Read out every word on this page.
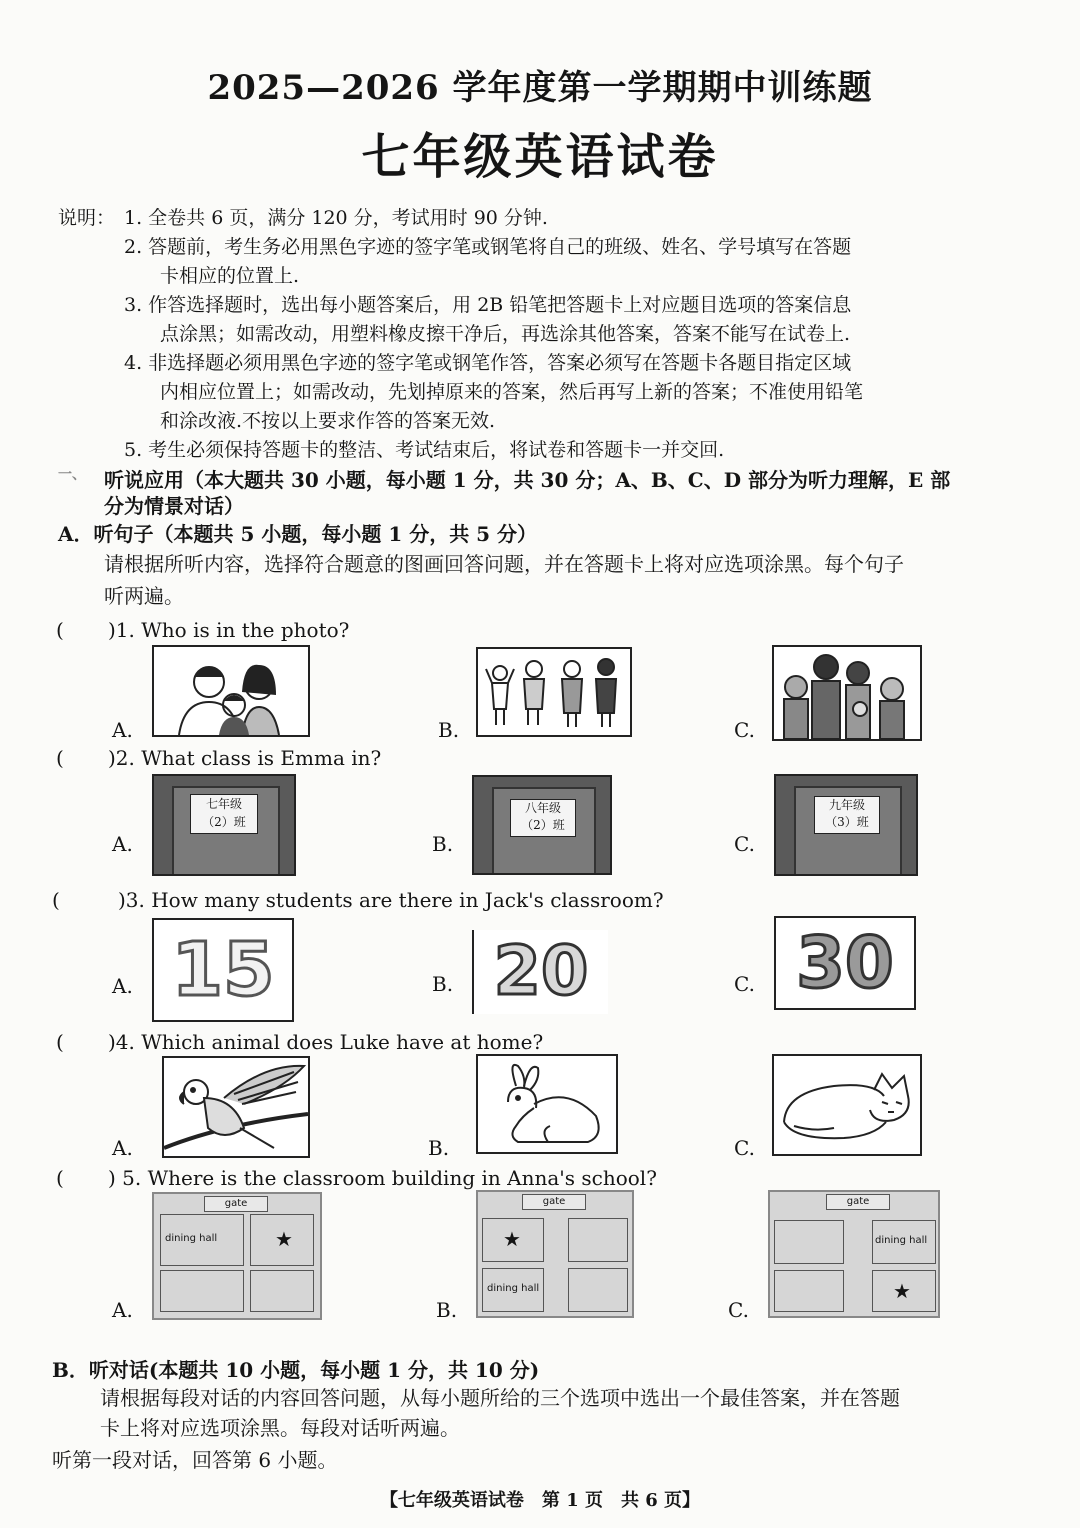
2025—2026 学年度第一学期期中训练题
七年级英语试卷
说明： 1. 全卷共 6 页，满分 120 分，考试用时 90 分钟.
2. 答题前，考生务必用黑色字迹的签字笔或钢笔将自己的班级、姓名、学号填写在答题
卡相应的位置上.
3. 作答选择题时，选出每小题答案后，用 2B 铅笔把答题卡上对应题目选项的答案信息
点涂黑；如需改动，用塑料橡皮擦干净后，再选涂其他答案，答案不能写在试卷上.
4. 非选择题必须用黑色字迹的签字笔或钢笔作答，答案必须写在答题卡各题目指定区域
内相应位置上；如需改动，先划掉原来的答案，然后再写上新的答案；不准使用铅笔
和涂改液.不按以上要求作答的答案无效.
5. 考生必须保持答题卡的整洁、考试结束后，将试卷和答题卡一并交回.
一、 听说应用（本大题共 30 小题，每小题 1 分，共 30 分；A、B、C、D 部分为听力理解，E 部
分为情景对话）
A．听句子（本题共 5 小题，每小题 1 分，共 5 分）
请根据所听内容，选择符合题意的图画回答问题，并在答题卡上将对应选项涂黑。每个句子
听两遍。
( )1. Who is in the photo?
A.	B.	C.
( )2. What class is Emma in?
A.
七年级
（2）班
B.
八年级
（2）班
C.
九年级
（3）班
(	)3. How many students are there in Jack's classroom?
A. 15	B. 20	C. 30
( )4. Which animal does Luke have at home?
A.	B.	C.
( ) 5. Where is the classroom building in Anna's school?
A.
gate
dining hall	★
B.
gate
★
dining hall
C.
gate
dining hall
★
B．听对话(本题共 10 小题，每小题 1 分，共 10 分)
请根据每段对话的内容回答问题，从每小题所给的三个选项中选出一个最佳答案，并在答题
卡上将对应选项涂黑。每段对话听两遍。
听第一段对话，回答第 6 小题。
【七年级英语试卷　第 1 页　共 6 页】
